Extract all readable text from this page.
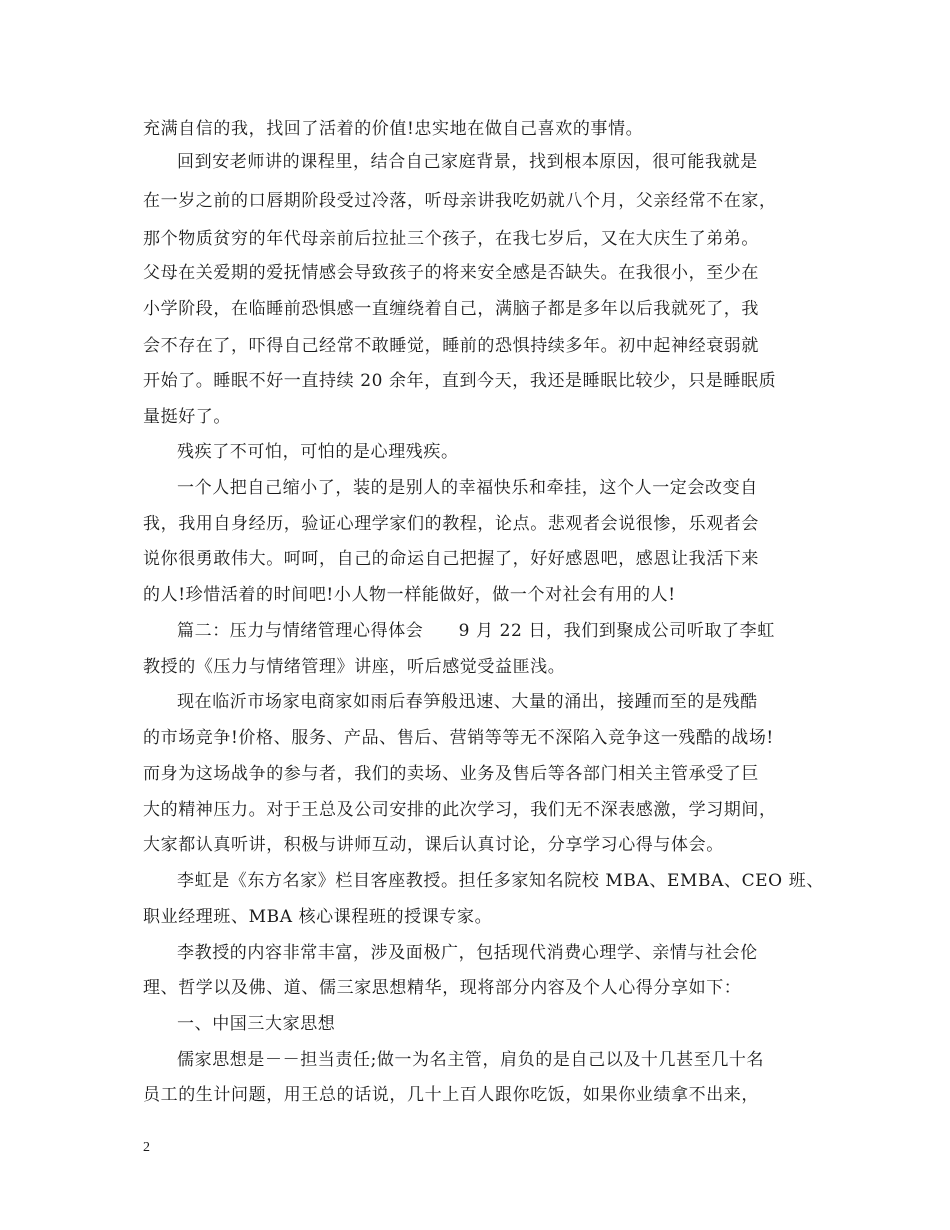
充满自信的我，找回了活着的价值!忠实地在做自己喜欢的事情。
回到安老师讲的课程里，结合自己家庭背景，找到根本原因，很可能我就是
在一岁之前的口唇期阶段受过冷落，听母亲讲我吃奶就八个月，父亲经常不在家，
那个物质贫穷的年代母亲前后拉扯三个孩子，在我七岁后，又在大庆生了弟弟。
父母在关爱期的爱抚情感会导致孩子的将来安全感是否缺失。在我很小，至少在
小学阶段，在临睡前恐惧感一直缠绕着自己，满脑子都是多年以后我就死了，我
会不存在了，吓得自己经常不敢睡觉，睡前的恐惧持续多年。初中起神经衰弱就
开始了。睡眠不好一直持续 20 余年，直到今天，我还是睡眠比较少，只是睡眠质
量挺好了。
残疾了不可怕，可怕的是心理残疾。
一个人把自己缩小了，装的是别人的幸福快乐和牵挂，这个人一定会改变自
我，我用自身经历，验证心理学家们的教程，论点。悲观者会说很惨，乐观者会
说你很勇敢伟大。呵呵，自己的命运自己把握了，好好感恩吧，感恩让我活下来
的人!珍惜活着的时间吧!小人物一样能做好，做一个对社会有用的人!
篇二：压力与情绪管理心得体会　　9 月 22 日，我们到聚成公司听取了李虹
教授的《压力与情绪管理》讲座，听后感觉受益匪浅。
现在临沂市场家电商家如雨后春笋般迅速、大量的涌出，接踵而至的是残酷
的市场竞争!价格、服务、产品、售后、营销等等无不深陷入竞争这一残酷的战场!
而身为这场战争的参与者，我们的卖场、业务及售后等各部门相关主管承受了巨
大的精神压力。对于王总及公司安排的此次学习，我们无不深表感激，学习期间，
大家都认真听讲，积极与讲师互动，课后认真讨论，分享学习心得与体会。
李虹是《东方名家》栏目客座教授。担任多家知名院校 MBA、EMBA、CEO 班、
职业经理班、MBA 核心课程班的授课专家。
李教授的内容非常丰富，涉及面极广，包括现代消费心理学、亲情与社会伦
理、哲学以及佛、道、儒三家思想精华，现将部分内容及个人心得分享如下：
一、中国三大家思想
儒家思想是－－担当责任;做一为名主管，肩负的是自己以及十几甚至几十名
员工的生计问题，用王总的话说，几十上百人跟你吃饭，如果你业绩拿不出来，
2
